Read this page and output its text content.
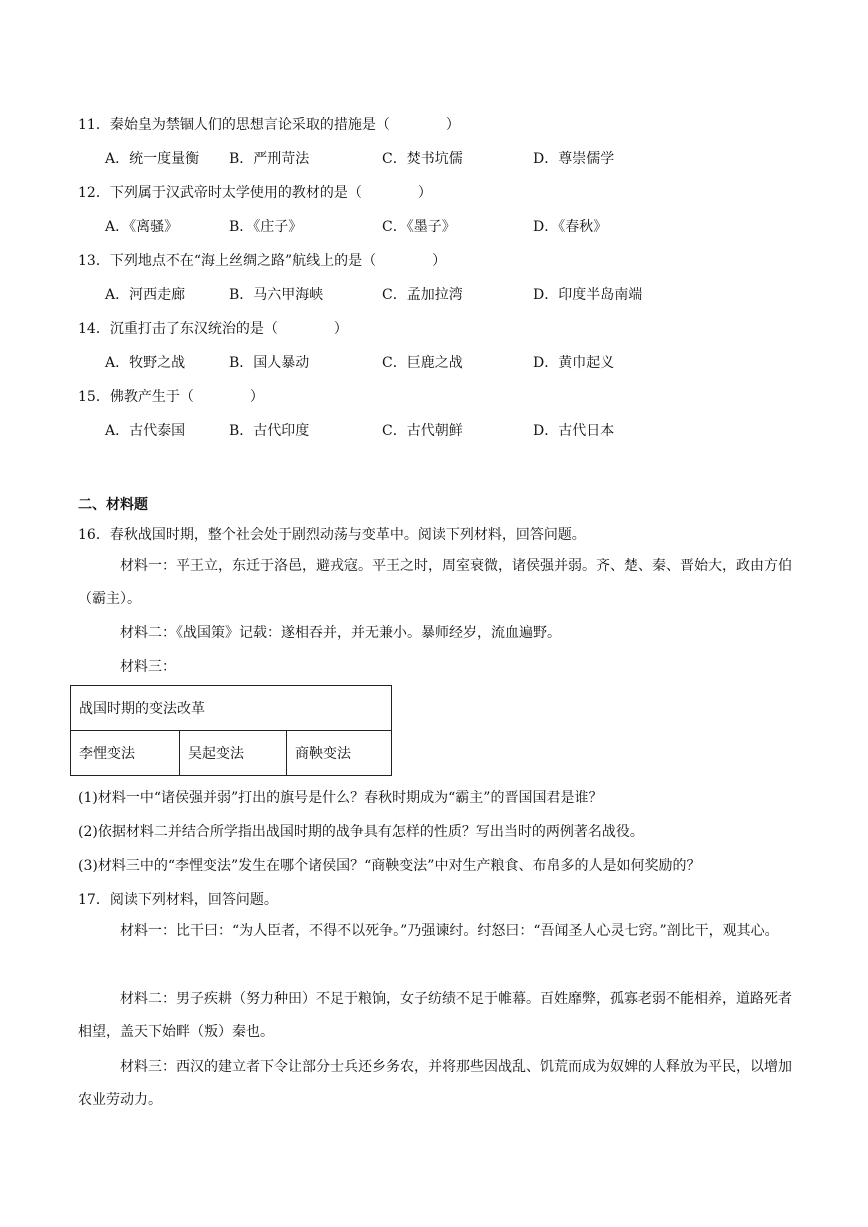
11．秦始皇为禁锢人们的思想言论采取的措施是（　　　　）
A．统一度量衡 B．严刑苛法	C．焚书坑儒	D．尊崇儒学
12．下列属于汉武帝时太学使用的教材的是（　　　　）
A．《离骚》	B．《庄子》	C．《墨子》	D．《春秋》
13．下列地点不在“海上丝绸之路”航线上的是（　　　　）
A．河西走廊	B．马六甲海峡	C．孟加拉湾	D．印度半岛南端
14．沉重打击了东汉统治的是（　　　　）
A．牧野之战	B．国人暴动	C．巨鹿之战	D．黄巾起义
15．佛教产生于（　　　　）
A．古代泰国	B．古代印度	C．古代朝鲜	D．古代日本
二、材料题
16．春秋战国时期，整个社会处于剧烈动荡与变革中。阅读下列材料，回答问题。
材料一：平王立，东迁于洛邑，避戎寇。平王之时，周室衰微，诸侯强并弱。齐、楚、秦、晋始大，政由方伯（霸主）。
材料二：《战国策》记载：遂相吞并，并无兼小。暴师经岁，流血遍野。
材料三：
战国时期的变法改革
李悝变法	吴起变法	商鞅变法
(1)材料一中“诸侯强并弱”打出的旗号是什么？春秋时期成为“霸主”的晋国国君是谁？
(2)依据材料二并结合所学指出战国时期的战争具有怎样的性质？写出当时的两例著名战役。
(3)材料三中的“李悝变法”发生在哪个诸侯国？“商鞅变法”中对生产粮食、布帛多的人是如何奖励的？
17．阅读下列材料，回答问题。
材料一：比干曰：“为人臣者，不得不以死争。”乃强谏纣。纣怒曰：“吾闻圣人心灵七窍。”剖比干，观其心。
材料二：男子疾耕（努力种田）不足于粮饷，女子纺绩不足于帷幕。百姓靡弊，孤寡老弱不能相养，道路死者相望，盖天下始畔（叛）秦也。
材料三：西汉的建立者下令让部分士兵还乡务农，并将那些因战乱、饥荒而成为奴婢的人释放为平民，以增加农业劳动力。
